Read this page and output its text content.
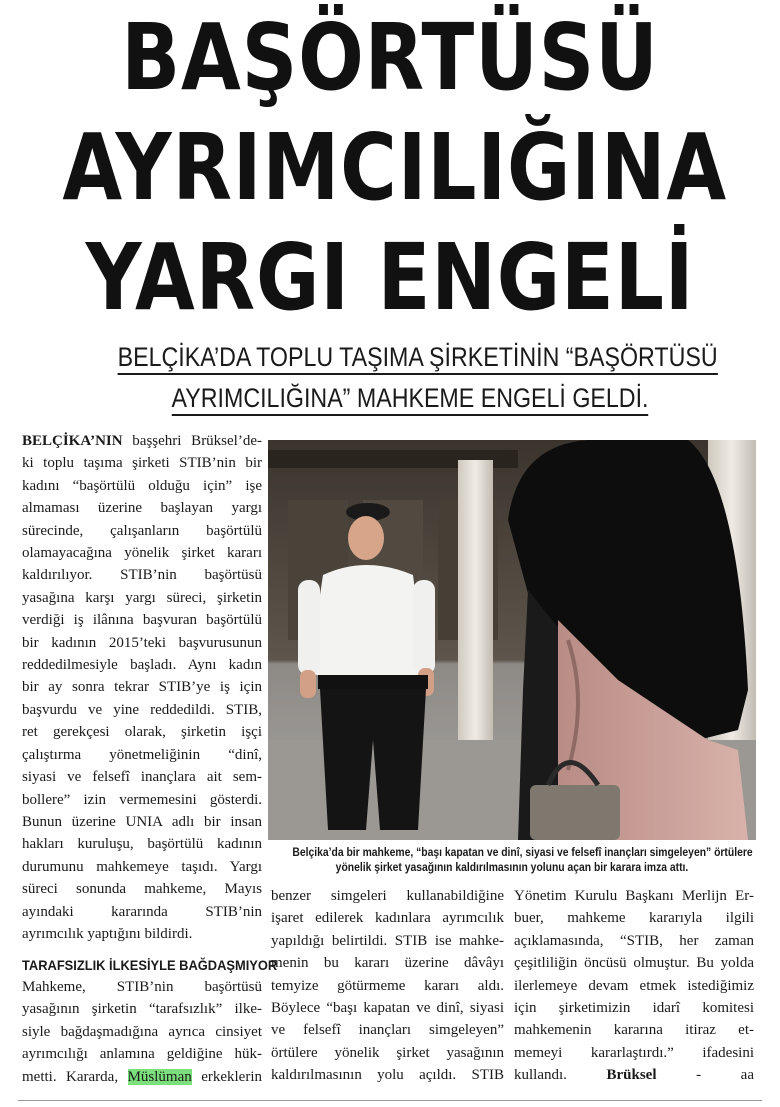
BAŞÖRTÜSÜ
AYRIMCILIĞINA
YARGI ENGELİ
BELÇİKA’DA TOPLU TAŞIMA ŞİRKETİNİN “BAŞÖRTÜSÜ
AYRIMCILIĞINA” MAHKEME ENGELİ GELDİ.
BELÇİKA’NIN başşehri Brüksel’de-
ki toplu taşıma şirketi STIB’nin bir
kadını “başörtülü olduğu için” işe
almaması üzerine başlayan yargı
sürecinde, çalışanların başörtülü
olamayacağına yönelik şirket kararı
kaldırılıyor. STIB’nin başörtüsü
yasağına karşı yargı süreci, şirketin
verdiği iş ilânına başvuran başörtülü
bir kadının 2015’teki başvurusunun
reddedilmesiyle başladı. Aynı kadın
bir ay sonra tekrar STIB’ye iş için
başvurdu ve yine reddedildi. STIB,
ret gerekçesi olarak, şirketin işçi
çalıştırma yönetmeliğinin “dinî,
siyasi ve felsefî inançlara ait sem-
bollere” izin vermemesini gösterdi.
Bunun üzerine UNIA adlı bir insan
hakları kuruluşu, başörtülü kadının
durumunu mahkemeye taşıdı. Yargı
süreci sonunda mahkeme, Mayıs
ayındaki kararında STIB’nin
ayrımcılık yaptığını bildirdi.
TARAFSIZLIK İLKESİYLE BAĞDAŞMIYOR
Mahkeme, STIB’nin başörtüsü
yasağının şirketin “tarafsızlık” ilke-
siyle bağdaşmadığına ayrıca cinsiyet
ayrımcılığı anlamına geldiğine hük-
metti. Kararda, Müslüman erkeklerin
benzer simgeleri kullanabildiğine
işaret edilerek kadınlara ayrımcılık
yapıldığı belirtildi. STIB ise mahke-
menin bu kararı üzerine dâvâyı
temyize götürmeme kararı aldı.
Böylece “başı kapatan ve dinî, siyasi
ve felsefî inançları simgeleyen”
örtülere yönelik şirket yasağının
kaldırılmasının yolu açıldı. STIB
Yönetim Kurulu Başkanı Merlijn Er-
buer, mahkeme kararıyla ilgili
açıklamasında, “STIB, her zaman
çeşitliliğin öncüsü olmuştur. Bu yolda
ilerlemeye devam etmek istediğimiz
için şirketimizin idarî komitesi
mahkemenin kararına itiraz et-
memeyi kararlaştırdı.” ifadesini
kullandı. Brüksel - aa
Belçika’da bir mahkeme, “başı kapatan ve dinî, siyasi ve felsefî inançları simgeleyen” örtülere
yönelik şirket yasağının kaldırılmasının yolunu açan bir karara imza attı.
